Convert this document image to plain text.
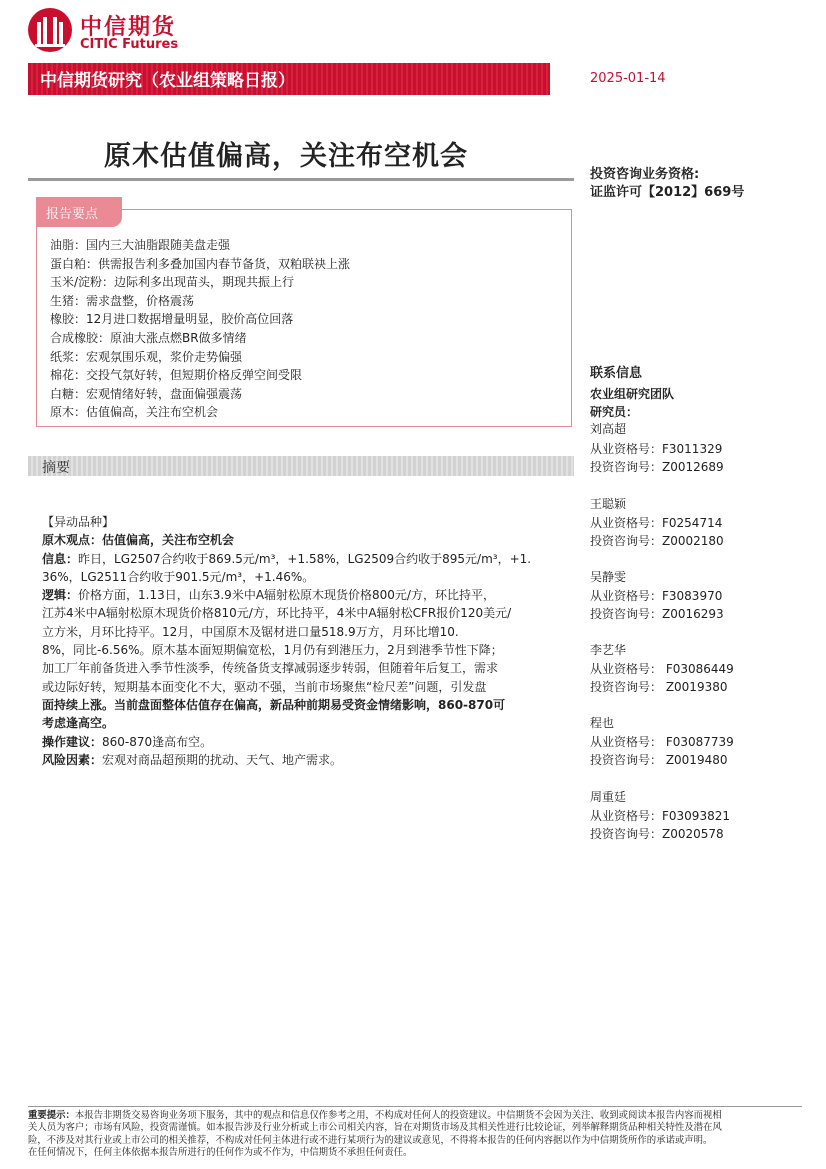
中信期货
CITIC Futures
中信期货研究（农业组策略日报）	2025-01-14
原木估值偏高，关注布空机会
投资咨询业务资格:
证监许可【2012】669号
报告要点
油脂：国内三大油脂跟随美盘走强
蛋白粕：供需报告利多叠加国内春节备货，双粕联袂上涨
玉米/淀粉：边际利多出现苗头，期现共振上行
生猪：需求盘整，价格震荡
橡胶：12月进口数据增量明显，胶价高位回落
合成橡胶：原油大涨点燃BR做多情绪
纸浆：宏观氛围乐观，浆价走势偏强
棉花：交投气氛好转，但短期价格反弹空间受限
白糖：宏观情绪好转，盘面偏强震荡
原木：估值偏高，关注布空机会
摘要

【异动品种】

原木观点：估值偏高，关注布空机会

信息：昨日，LG2507合约收于869.5元/m³，+1.58%，LG2509合约收于895元/m³，+1.

36%，LG2511合约收于901.5元/m³，+1.46%。

逻辑：价格方面，1.13日，山东3.9米中A辐射松原木现货价格800元/方，环比持平，

江苏4米中A辐射松原木现货价格810元/方，环比持平，4米中A辐射松CFR报价120美元/

立方米，月环比持平。12月，中国原木及锯材进口量518.9万方，月环比增10.

8%，同比-6.56%。原木基本面短期偏宽松，1月仍有到港压力，2月到港季节性下降；

加工厂年前备货进入季节性淡季，传统备货支撑减弱逐步转弱，但随着年后复工，需求

或边际好转，短期基本面变化不大，驱动不强，当前市场聚焦“检尺差”问题，引发盘

面持续上涨。当前盘面整体估值存在偏高，新品种前期易受资金情绪影响，860-870可

考虑逢高空。

操作建议：860-870逢高布空。

风险因素：宏观对商品超预期的扰动、天气、地产需求。

联系信息
农业组研究团队
研究员：
刘高超
从业资格号：F3011329
投资咨询号：Z0012689
王聪颖
从业资格号：F0254714
投资咨询号：Z0002180
吴静雯
从业资格号：F3083970
投资咨询号：Z0016293
李艺华
从业资格号： F03086449
投资咨询号： Z0019380
程也
从业资格号： F03087739
投资咨询号： Z0019480
周重廷
从业资格号：F03093821
投资咨询号：Z0020578

重要提示：本报告非期货交易咨询业务项下服务，其中的观点和信息仅作参考之用，不构成对任何人的投资建议。中信期货不会因为关注、收到或阅读本报告内容而视相

关人员为客户；市场有风险，投资需谨慎。如本报告涉及行业分析或上市公司相关内容，旨在对期货市场及其相关性进行比较论证，列举解释期货品种相关特性及潜在风

险，不涉及对其行业或上市公司的相关推荐，不构成对任何主体进行或不进行某项行为的建议或意见，不得将本报告的任何内容据以作为中信期货所作的承诺或声明。

在任何情况下，任何主体依据本报告所进行的任何作为或不作为，中信期货不承担任何责任。
